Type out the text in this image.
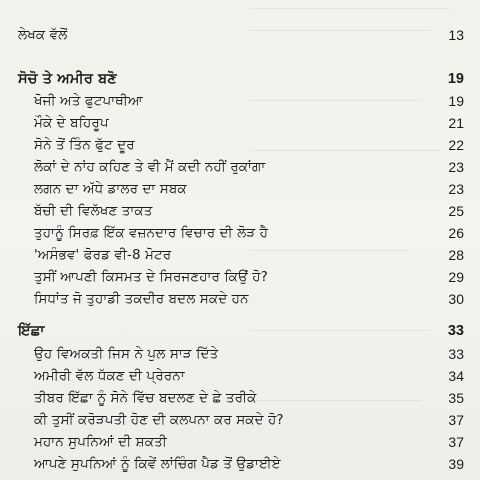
ਲੇਖਕ ਵੱਲੋਂ	13
ਸੋਚੋ ਤੇ ਅਮੀਰ ਬਣੋ	19
ਖੋਜੀ ਅਤੇ ਫੁਟਪਾਥੀਆ	19
ਮੌਕੇ ਦੇ ਬਹਿਰੂਪ	21
ਸੋਨੇ ਤੋਂ ਤਿੰਨ ਫੁੱਟ ਦੂਰ	22
ਲੋਕਾਂ ਦੇ ਨਾਂਹ ਕਹਿਣ ਤੇ ਵੀ ਮੈਂ ਕਦੀ ਨਹੀਂ ਰੁਕਾਂਗਾ	23
ਲਗਨ ਦਾ ਅੱਧੇ ਡਾਲਰ ਦਾ ਸਬਕ	23
ਬੱਚੀ ਦੀ ਵਿਲੱਖਣ ਤਾਕਤ	25
ਤੁਹਾਨੂੰ ਸਿਰਫ਼ ਇੱਕ ਵਜ਼ਨਦਾਰ ਵਿਚਾਰ ਦੀ ਲੋੜ ਹੈ	26
'ਅਸੰਭਵ' ਫੋਰਡ ਵੀ-8 ਮੋਟਰ	28
ਤੁਸੀਂ ਆਪਣੀ ਕਿਸਮਤ ਦੇ ਸਿਰਜਣਹਾਰ ਕਿਉਂ ਹੋ?	29
ਸਿਧਾਂਤ ਜੋ ਤੁਹਾਡੀ ਤਕਦੀਰ ਬਦਲ ਸਕਦੇ ਹਨ	30
ਇੱਛਾ	33
ਉਹ ਵਿਅਕਤੀ ਜਿਸ ਨੇ ਪੁਲ ਸਾੜ ਦਿੱਤੇ	33
ਅਮੀਰੀ ਵੱਲ ਧੱਕਣ ਦੀ ਪ੍ਰੇਰਨਾ	34
ਤੀਬਰ ਇੱਛਾ ਨੂੰ ਸੋਨੇ ਵਿੱਚ ਬਦਲਣ ਦੇ ਛੇ ਤਰੀਕੇ	35
ਕੀ ਤੁਸੀਂ ਕਰੋੜਪਤੀ ਹੋਣ ਦੀ ਕਲਪਨਾ ਕਰ ਸਕਦੇ ਹੋ?	37
ਮਹਾਨ ਸੁਪਨਿਆਂ ਦੀ ਸ਼ਕਤੀ	37
ਆਪਣੇ ਸੁਪਨਿਆਂ ਨੂੰ ਕਿਵੇਂ ਲਾਂਚਿੰਗ ਪੈਡ ਤੋਂ ਉਡਾਈਏ	39
